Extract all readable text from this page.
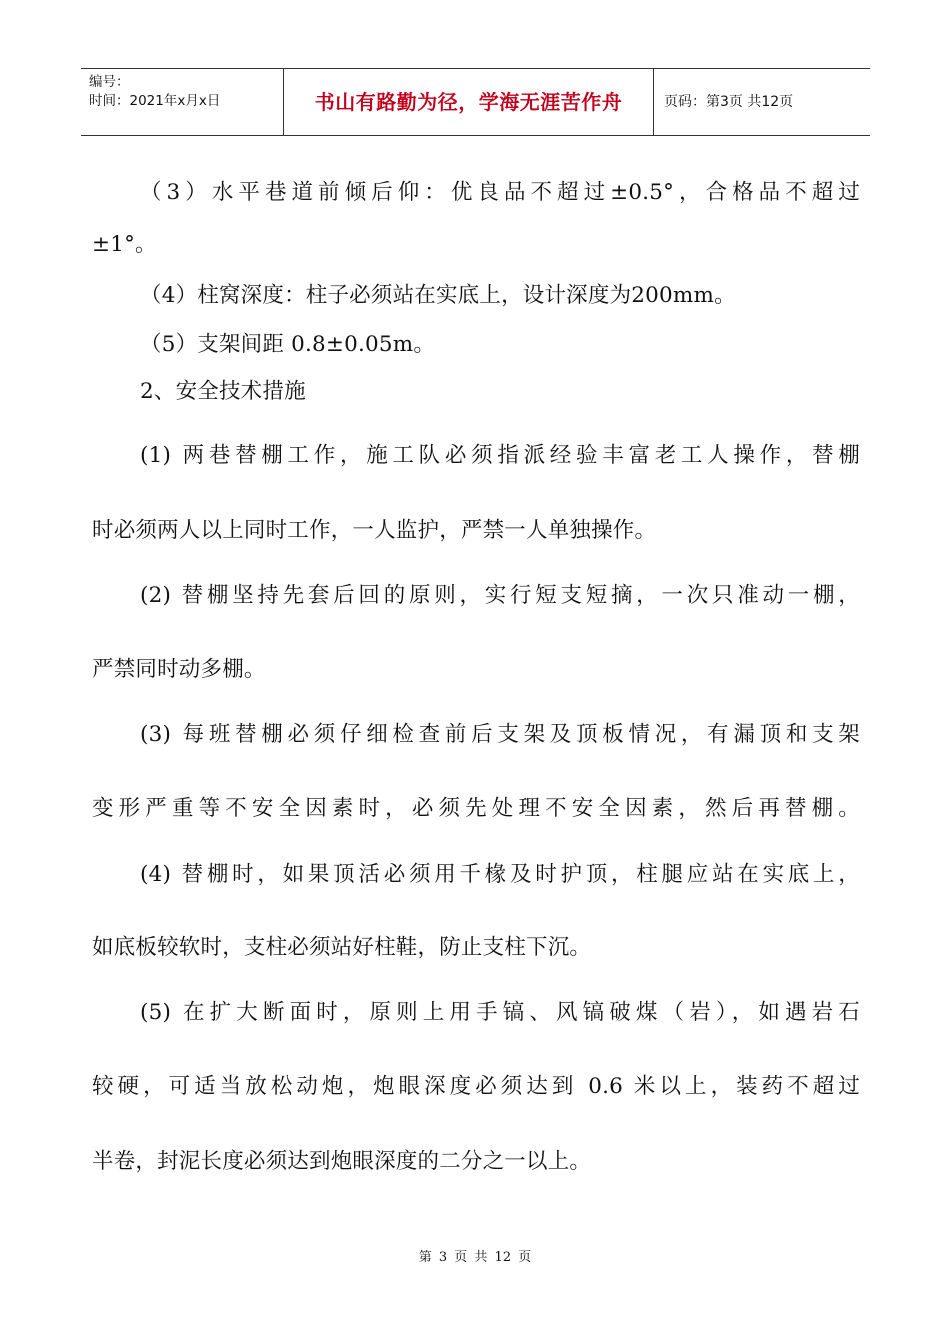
编号：
时间：2021年x月x日	书山有路勤为径，学海无涯苦作舟	页码：第3页 共12页
（3）水平巷道前倾后仰：优良品不超过±0.5°，合格品不超过
±1°。
（4）柱窝深度：柱子必须站在实底上，设计深度为200mm。
（5）支架间距 0.8±0.05m。
2、安全技术措施
(1) 两巷替棚工作，施工队必须指派经验丰富老工人操作，替棚
时必须两人以上同时工作，一人监护，严禁一人单独操作。
(2) 替棚坚持先套后回的原则，实行短支短摘，一次只准动一棚，
严禁同时动多棚。
(3) 每班替棚必须仔细检查前后支架及顶板情况，有漏顶和支架
变形严重等不安全因素时，必须先处理不安全因素，然后再替棚。
(4) 替棚时，如果顶活必须用千椽及时护顶，柱腿应站在实底上，
如底板较软时，支柱必须站好柱鞋，防止支柱下沉。
(5) 在扩大断面时，原则上用手镐、风镐破煤（岩），如遇岩石
较硬，可适当放松动炮，炮眼深度必须达到 0.6 米以上，装药不超过
半卷，封泥长度必须达到炮眼深度的二分之一以上。
第 3 页 共 12 页
